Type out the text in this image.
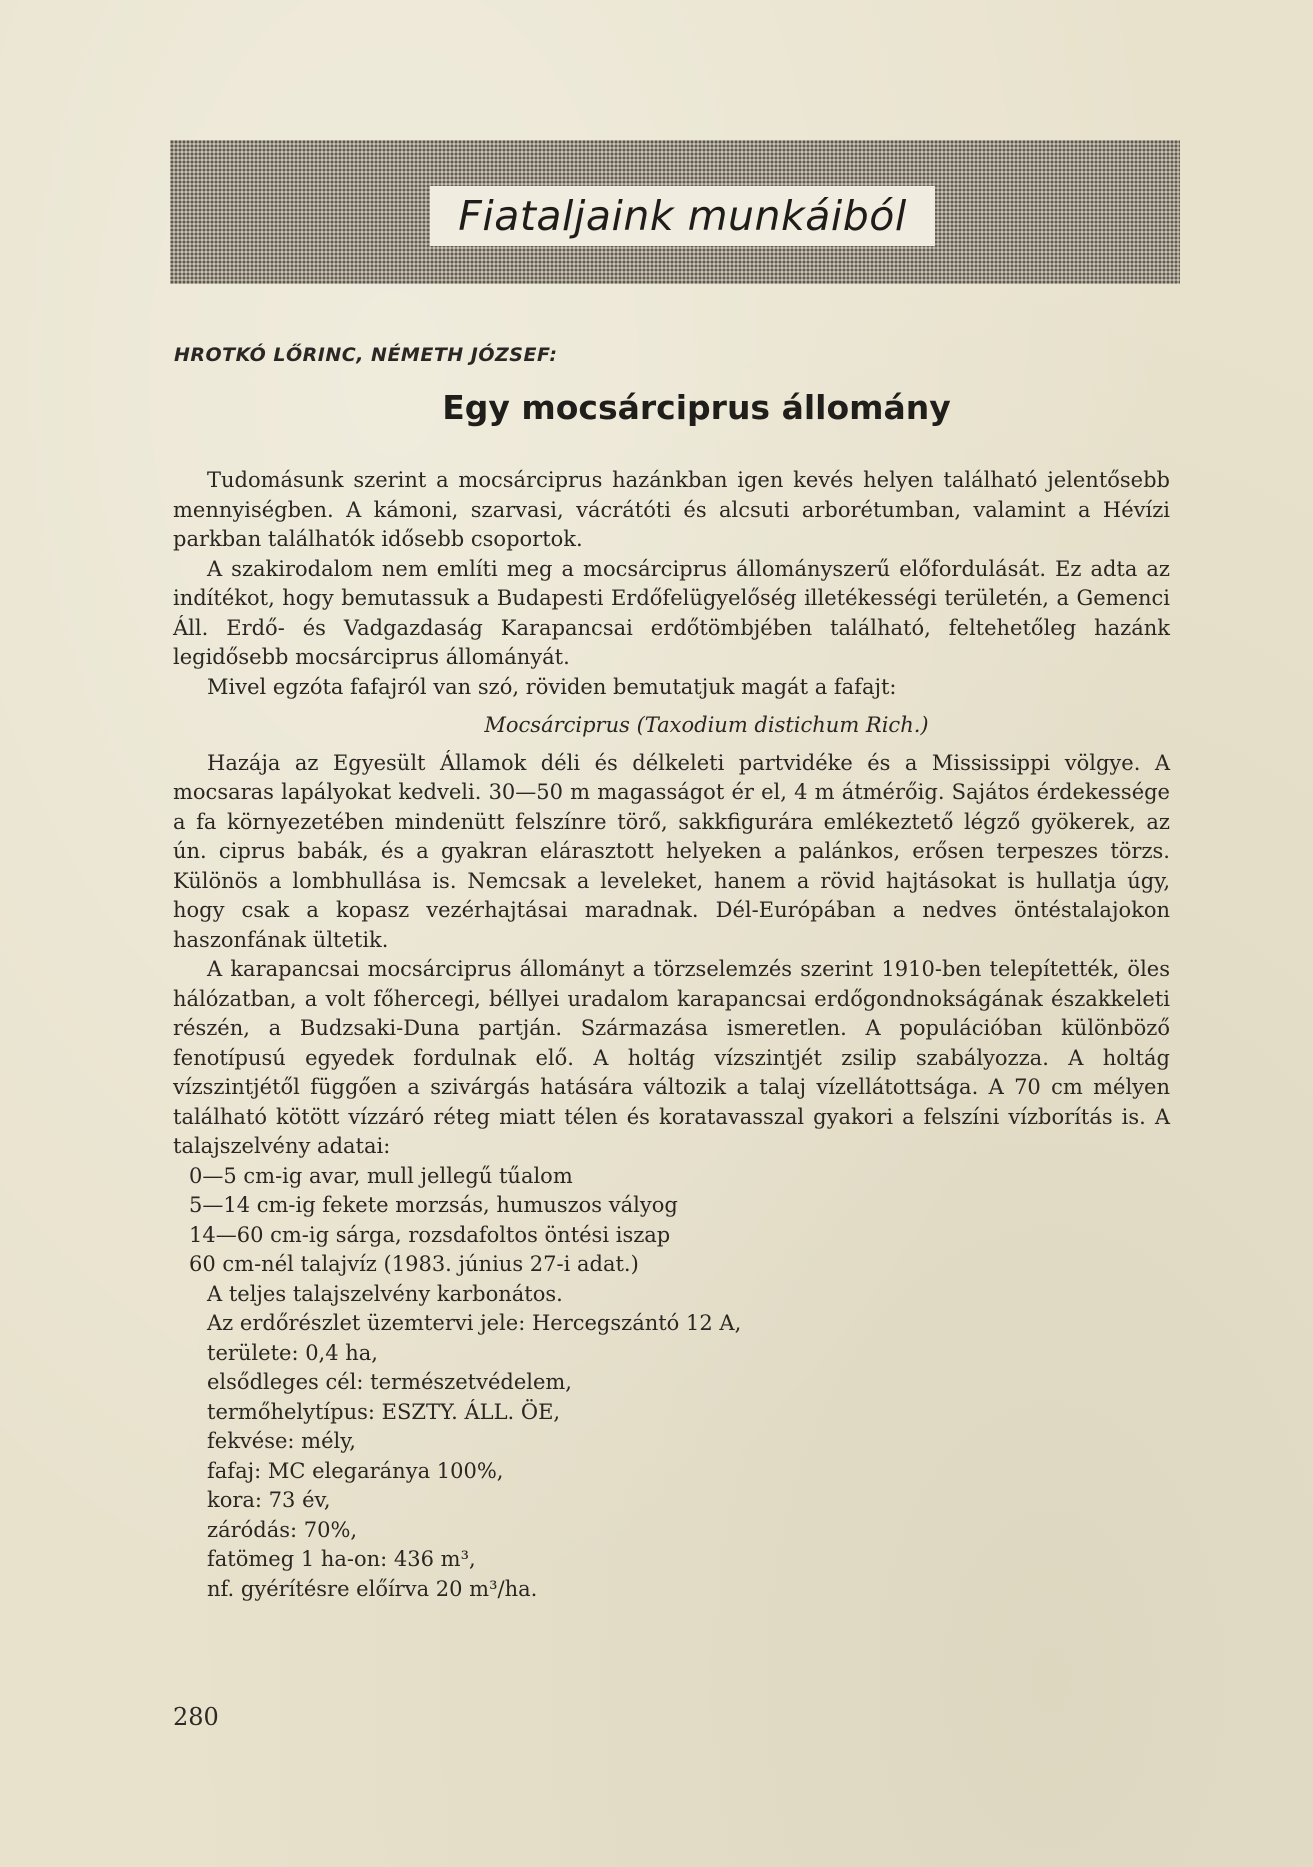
Fiataljaink munkáiból
HROTKÓ LŐRINC, NÉMETH JÓZSEF:
Egy mocsárciprus állomány

Tudomásunk szerint a mocsárciprus hazánkban igen kevés helyen található jelentősebb mennyiségben. A kámoni, szarvasi, vácrátóti és alcsuti arborétumban, valamint a Hévízi parkban találhatók idősebb csoportok.

A szakirodalom nem említi meg a mocsárciprus állományszerű előfordulását. Ez adta az indítékot, hogy bemutassuk a Budapesti Erdőfelügyelőség illetékességi területén, a Gemenci Áll. Erdő- és Vadgazdaság Karapancsai erdőtömbjében található, feltehetőleg hazánk legidősebb mocsárciprus állományát.

Mivel egzóta fafajról van szó, röviden bemutatjuk magát a fafajt:

Mocsárciprus (Taxodium distichum Rich.)

Hazája az Egyesült Államok déli és délkeleti partvidéke és a Mississippi völgye. A mocsaras lapályokat kedveli. 30—50 m magasságot ér el, 4 m átmérőig. Sajátos érdekessége a fa környezetében mindenütt felszínre törő, sakkfigurára emlékeztető légző gyökerek, az ún. ciprus babák, és a gyakran elárasztott helyeken a palánkos, erősen terpeszes törzs. Különös a lombhullása is. Nemcsak a leveleket, hanem a rövid hajtásokat is hullatja úgy, hogy csak a kopasz vezérhajtásai maradnak. Dél-Európában a nedves öntéstalajokon haszonfának ültetik.

A karapancsai mocsárciprus állományt a törzselemzés szerint 1910-ben telepítették, öles hálózatban, a volt főhercegi, béllyei uradalom karapancsai erdőgondnokságának északkeleti részén, a Budzsaki-Duna partján. Származása ismeretlen. A populációban különböző fenotípusú egyedek fordulnak elő. A holtág vízszintjét zsilip szabályozza. A holtág vízszintjétől függően a szivárgás hatására változik a talaj vízellátottsága. A 70 cm mélyen található kötött vízzáró réteg miatt télen és koratavasszal gyakori a felszíni vízborítás is. A talajszelvény adatai:

0—5 cm-ig avar, mull jellegű tűalom
5—14 cm-ig fekete morzsás, humuszos vályog
14—60 cm-ig sárga, rozsdafoltos öntési iszap
60 cm-nél talajvíz (1983. június 27-i adat.)

A teljes talajszelvény karbonátos.

Az erdőrészlet üzemtervi jele: Hercegszántó 12 A,
területe: 0,4 ha,
elsődleges cél: természetvédelem,
termőhelytípus: ESZTY. ÁLL. ÖE,
fekvése: mély,
fafaj: MC elegaránya 100%,
kora: 73 év,
záródás: 70%,
fatömeg 1 ha-on: 436 m³,
nf. gyérítésre előírva 20 m³/ha.
280
